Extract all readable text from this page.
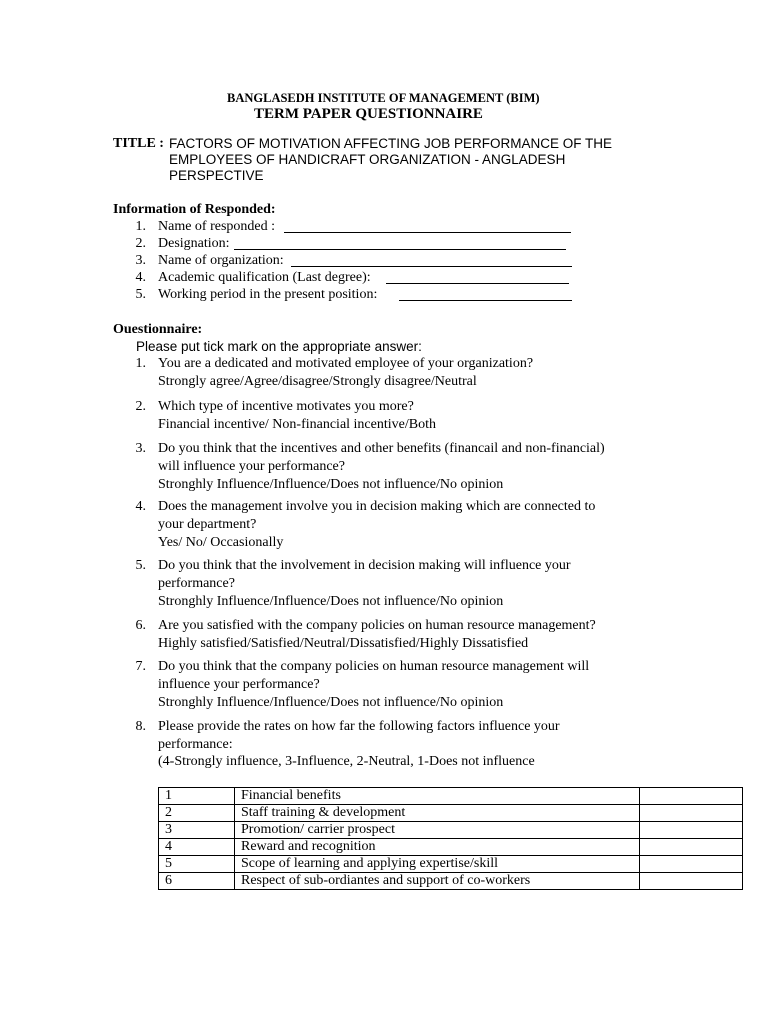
BANGLASEDH INSTITUTE OF MANAGEMENT (BIM)
TERM PAPER QUESTIONNAIRE
TITLE : FACTORS OF MOTIVATION AFFECTING JOB PERFORMANCE OF THE
EMPLOYEES OF HANDICRAFT ORGANIZATION - ANGLADESH
PERSPECTIVE
Information of Responded:
1. Name of responded :
2. Designation:
3. Name of organization:
4. Academic qualification (Last degree):
5. Working period in the present position:
Ouestionnaire:
Please put tick mark on the appropriate answer:
1. You are a dedicated and motivated employee of your organization?
Strongly agree/Agree/disagree/Strongly disagree/Neutral
2. Which type of incentive motivates you more?
Financial incentive/ Non-financial incentive/Both
3. Do you think that the incentives and other benefits (financail and non-financial)
will influence your performance?
Stronghly Influence/Influence/Does not influence/No opinion
4. Does the management involve you in decision making which are connected to
your department?
Yes/ No/ Occasionally
5. Do you think that the involvement in decision making will influence your
performance?
Stronghly Influence/Influence/Does not influence/No opinion
6. Are you satisfied with the company policies on human resource management?
Highly satisfied/Satisfied/Neutral/Dissatisfied/Highly Dissatisfied
7. Do you think that the company policies on human resource management will
influence your performance?
Stronghly Influence/Influence/Does not influence/No opinion
8. Please provide the rates on how far the following factors influence your
performance:
(4-Strongly influence, 3-Influence, 2-Neutral, 1-Does not influence
1	Financial benefits	
2	Staff training & development	
3	Promotion/ carrier prospect	
4	Reward and recognition	
5	Scope of learning and applying expertise/skill	
6	Respect of sub-ordiantes and support of co-workers	
